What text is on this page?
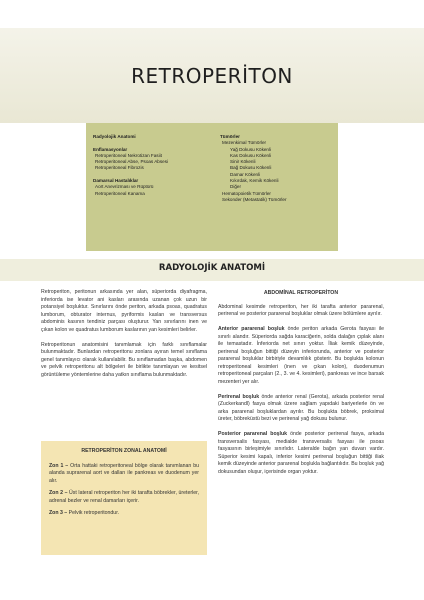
RETROPERİTON
Radyolojik Anatomi
Enflamasyonlar
Retroperitoneal Nekrotizan Fasiit
Retroperitoneal Abse, Psoas Absesi
Retroperitoneal Fibrozis
Damarsal Hastalıklar
Aort Anevrizması ve Rüptürü
Retroperitoneal Kanama
Tümörler
Mezenkimal Tümörler
Yağ Dokusu Kökenli
Kas Dokusu Kökenli
Sinir Kökenli
Bağ Dokusu Kökenli
Damar Kökenli
Kıkırdak, Kemik Kökenli
Diğer
Hematopoietik Tümörler
Sekonder (Metastatik) Tümörler
RADYOLOJİK ANATOMİ

Retroperiton, peritonun arkasında yer alan, süperiorda diyafragma, inferiorda ise levator ani kasları arasında uzanan çok uzun bir potansiyel boşluktur. Sınırlarını önde periton, arkada psoas, quadratus lumborum, obturator internus, pyriformis kasları ve transversus abdominis kasının tendiniz parçası oluşturur. Yan sınırlarını inen ve çıkan kolon ve quadratus lumborum kaslarının yan kesimleri belirler.

Retroperitonun anatomisini tanımlamak için farklı sınıflamalar bulunmaktadır. Bunlardan retroperitonu zonlara ayıran temel sınıflama genel tanımlayıcı olarak kullanılabilir. Bu sınıflamadan başka, abdomen ve pelvik retroperitonu alt bölgeleri ile birlikte tanımlayan ve kesitsel görüntüleme yöntemlerine daha yatkın sınıflama bulunmaktadır.

RETROPERİTON ZONAL ANATOMİ

Zon 1 – Orta hattaki retroperitoneal bölge olarak tanımlanan bu alanda suprarenal aort ve dalları ile pankreas ve duodenum yer alır.

Zon 2 – Üst lateral retroperiton her iki tarafta böbrekler, üreterler, adrenal bezler ve renal damarları içerir.

Zon 3 – Pelvik retroperitondur.

ABDOMİNAL RETROPERİTON

Abdominal kesimde retroperiton, her iki tarafta anterior pararenal, perirenal ve posterior pararenal boşluklar olmak üzere bölümlere ayrılır.

Anterior pararenal boşluk önde periton arkada Gerota fasyası ile sınırlı alandır. Süperiorda sağda karaciğerin, solda dalağın çıplak alanı ile temastadır. İnferiorda net sınırı yoktur. İliak kemik düzeyinde, perirenal boşluğun bittiği düzeyin inferiorunda, anterior ve posterior pararenal boşluklar birbiriyle devamlılık gösterir. Bu boşlukta kolonun retroperitoneal kesimleri (inen ve çıkan kolon), duodenumun retroperitoneal parçaları (2., 3. ve 4. kesimleri), pankreas ve ince barsak mezenteri yer alır.

Perirenal boşluk önde anterior renal (Gerota), arkada posterior renal (Zuckerkandl) fasya olmak üzere sağlam yapıdaki bariyerlerle ön ve arka pararenal boşluklardan ayrılır. Bu boşlukta böbrek, proksimal üreter, böbreküstü bezi ve perirenal yağ dokusu bulunur.

Posterior pararenal boşluk önde posterior perirenal fasya, arkada transversalis fasyası, medialde transversalis fasyası ile psoas fasyasının birleşimiyle sınırlıdır. Lateralde bağın yan duvarı vardır. Süperior kesimi kapalı, inferior kesimi perirenal boşluğun bittiği iliak kemik düzeyinde anterior pararenal boşlukla bağlantılıdır. Bu boşluk yağ dokusundan oluşur, içerisinde organ yoktur.
